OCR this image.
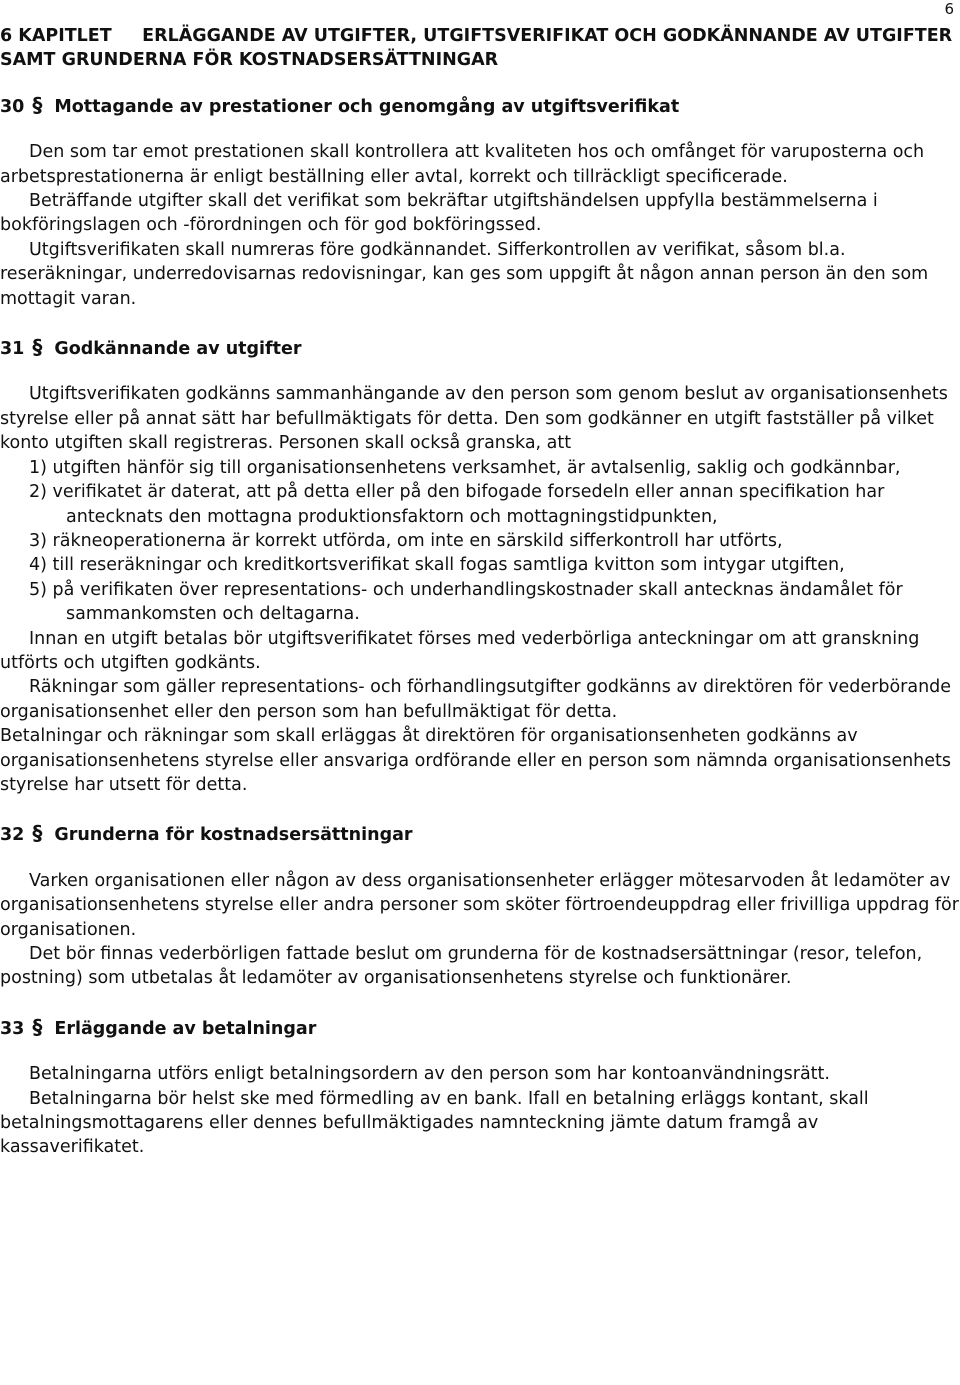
6
6 KAPITLET     ERLÄGGANDE AV UTGIFTER, UTGIFTSVERIFIKAT OCH GODKÄNNANDE AV UTGIFTER SAMT GRUNDERNA FÖR KOSTNADSERSÄTTNINGAR
30 § Mottagande av prestationer och genomgång av utgiftsverifikat

Den som tar emot prestationen skall kontrollera att kvaliteten hos och omfånget för varuposterna och arbetsprestationerna är enligt beställning eller avtal, korrekt och tillräckligt specificerade.

Beträffande utgifter skall det verifikat som bekräftar utgiftshändelsen uppfylla bestämmelserna i bokföringslagen och -förordningen och för god bokföringssed.

Utgiftsverifikaten skall numreras före godkännandet. Sifferkontrollen av verifikat, såsom bl.a. reseräkningar, underredovisarnas redovisningar, kan ges som uppgift åt någon annan person än den som mottagit varan.

31 § Godkännande av utgifter

Utgiftsverifikaten godkänns sammanhängande av den person som genom beslut av organisationsenhets styrelse eller på annat sätt har befullmäktigats för detta. Den som godkänner en utgift fastställer på vilket konto utgiften skall registreras. Personen skall också granska, att

1) utgiften hänför sig till organisationsenhetens verksamhet, är avtalsenlig, saklig och godkännbar,
2) verifikatet är daterat, att på detta eller på den bifogade forsedeln eller annan specifikation har antecknats den mottagna produktionsfaktorn och mottagningstidpunkten,
3) räkneoperationerna är korrekt utförda, om inte en särskild sifferkontroll har utförts,
4) till reseräkningar och kreditkortsverifikat skall fogas samtliga kvitton som intygar utgiften,
5) på verifikaten över representations- och underhandlingskostnader skall antecknas ändamålet för sammankomsten och deltagarna.

Innan en utgift betalas bör utgiftsverifikatet förses med vederbörliga anteckningar om att granskning utförts och utgiften godkänts.

Räkningar som gäller representations- och förhandlingsutgifter godkänns av direktören för vederbörande organisationsenhet eller den person som han befullmäktigat för detta.

Betalningar och räkningar som skall erläggas åt direktören för organisationsenheten godkänns av organisationsenhetens styrelse eller ansvariga ordförande eller en person som nämnda organisationsenhets styrelse har utsett för detta.

32 § Grunderna för kostnadsersättningar

Varken organisationen eller någon av dess organisationsenheter erlägger mötesarvoden åt ledamöter av organisationsenhetens styrelse eller andra personer som sköter förtroendeuppdrag eller frivilliga uppdrag för organisationen.

Det bör finnas vederbörligen fattade beslut om grunderna för de kostnadsersättningar (resor, telefon, postning) som utbetalas åt ledamöter av organisationsenhetens styrelse och funktionärer.

33 § Erläggande av betalningar

Betalningarna utförs enligt betalningsordern av den person som har kontoanvändningsrätt.

Betalningarna bör helst ske med förmedling av en bank. Ifall en betalning erläggs kontant, skall betalningsmottagarens eller dennes befullmäktigades namnteckning jämte datum framgå av kassaverifikatet.
